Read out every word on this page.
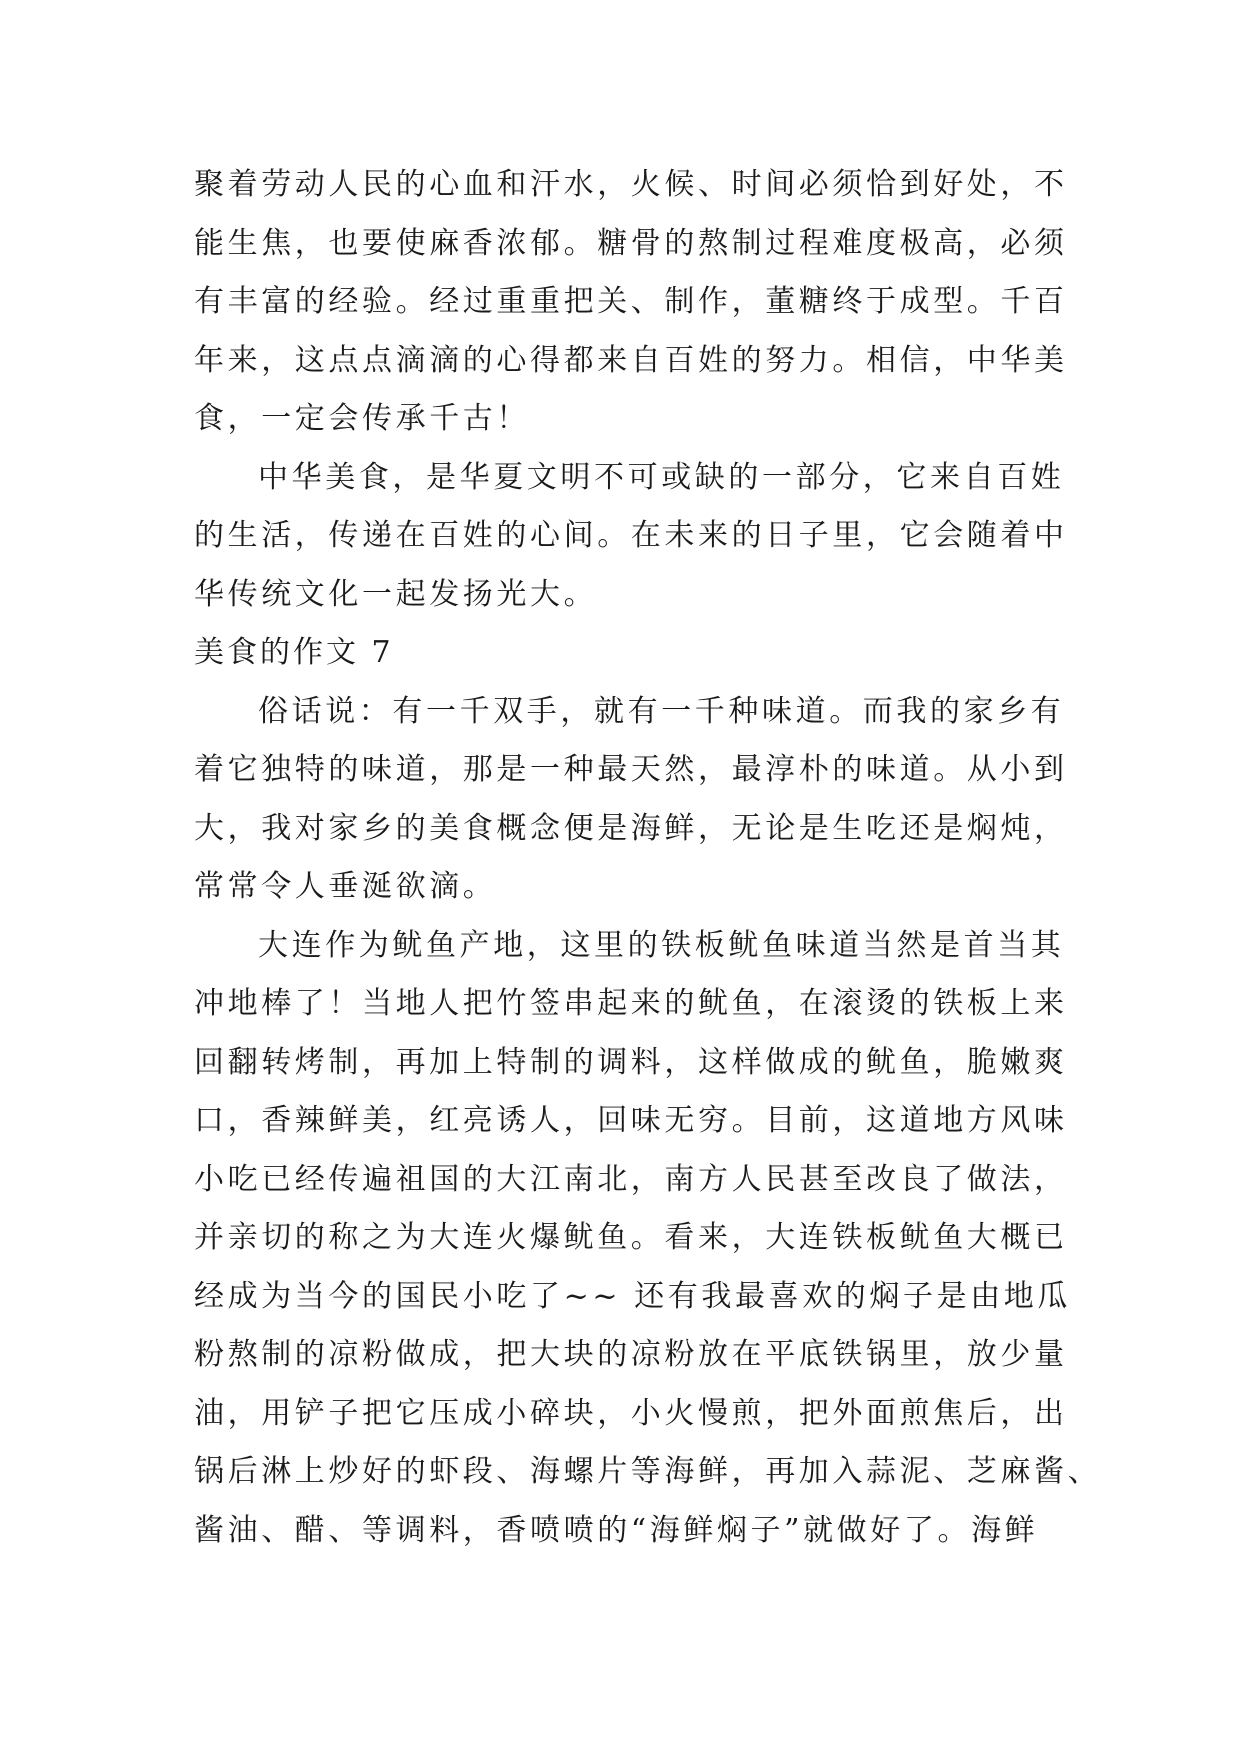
聚着劳动人民的心血和汗水，火候、时间必须恰到好处，不
能生焦，也要使麻香浓郁。糖骨的熬制过程难度极高，必须
有丰富的经验。经过重重把关、制作，董糖终于成型。千百
年来，这点点滴滴的心得都来自百姓的努力。相信，中华美
食，一定会传承千古！
中华美食，是华夏文明不可或缺的一部分，它来自百姓
的生活，传递在百姓的心间。在未来的日子里，它会随着中
华传统文化一起发扬光大。
美食的作文 7
俗话说：有一千双手，就有一千种味道。而我的家乡有
着它独特的味道，那是一种最天然，最淳朴的味道。从小到
大，我对家乡的美食概念便是海鲜，无论是生吃还是焖炖，
常常令人垂涎欲滴。
大连作为鱿鱼产地，这里的铁板鱿鱼味道当然是首当其
冲地棒了！当地人把竹签串起来的鱿鱼，在滚烫的铁板上来
回翻转烤制，再加上特制的调料，这样做成的鱿鱼，脆嫩爽
口，香辣鲜美，红亮诱人，回味无穷。目前，这道地方风味
小吃已经传遍祖国的大江南北，南方人民甚至改良了做法，
并亲切的称之为大连火爆鱿鱼。看来，大连铁板鱿鱼大概已
经成为当今的国民小吃了~~ 还有我最喜欢的焖子是由地瓜
粉熬制的凉粉做成，把大块的凉粉放在平底铁锅里，放少量
油，用铲子把它压成小碎块，小火慢煎，把外面煎焦后，出
锅后淋上炒好的虾段、海螺片等海鲜，再加入蒜泥、芝麻酱、
酱油、醋、等调料，香喷喷的“海鲜焖子”就做好了。海鲜
